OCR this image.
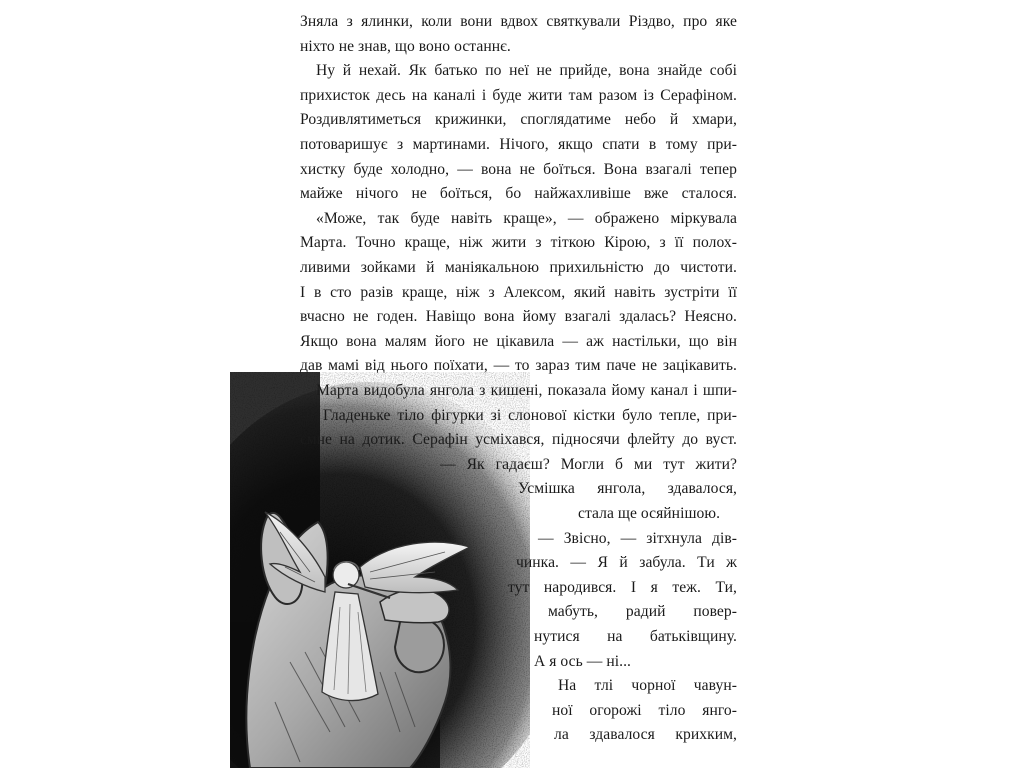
Зняла з ялинки, коли вони вдвох святкували Різдво, про яке
ніхто не знав, що воно останнє.
Ну й нехай. Як батько по неї не прийде, вона знайде собі
прихисток десь на каналі і буде жити там разом із Серафіном.
Роздивлятиметься крижинки, споглядатиме небо й хмари,
потоваришує з мартинами. Нічого, якщо спати в тому при-
хистку буде холодно, — вона не боїться. Вона взагалі тепер
майже нічого не боїться, бо найжахливіше вже сталося.
«Може, так буде навіть краще», — ображено міркувала
Марта. Точно краще, ніж жити з тіткою Кірою, з її полох-
ливими зойками й маніякальною прихильністю до чистоти.
І в сто разів краще, ніж з Алексом, який навіть зустріти її
вчасно не годен. Навіщо вона йому взагалі здалась? Неясно.
Якщо вона малям його не цікавила — аж настільки, що він
дав мамі від нього поїхати, — то зараз тим паче не зацікавить.
Марта видобула янгола з кишені, показала йому канал і шпи-
лі. Гладеньке тіло фігурки зі слонової кістки було тепле, при-
ємне на дотик. Серафін усміхався, підносячи флейту до вуст.
— Як гадаєш? Могли б ми тут жити?
Усмішка янгола, здавалося,
стала ще осяйнішою.
— Звісно, — зітхнула дів-
чинка. — Я й забула. Ти ж
тут народився. І я теж. Ти,
мабуть, радий повер-
нутися на батьківщину.
А я ось — ні...
На тлі чорної чавун-
ної огорожі тіло янго-
ла здавалося крихким,
